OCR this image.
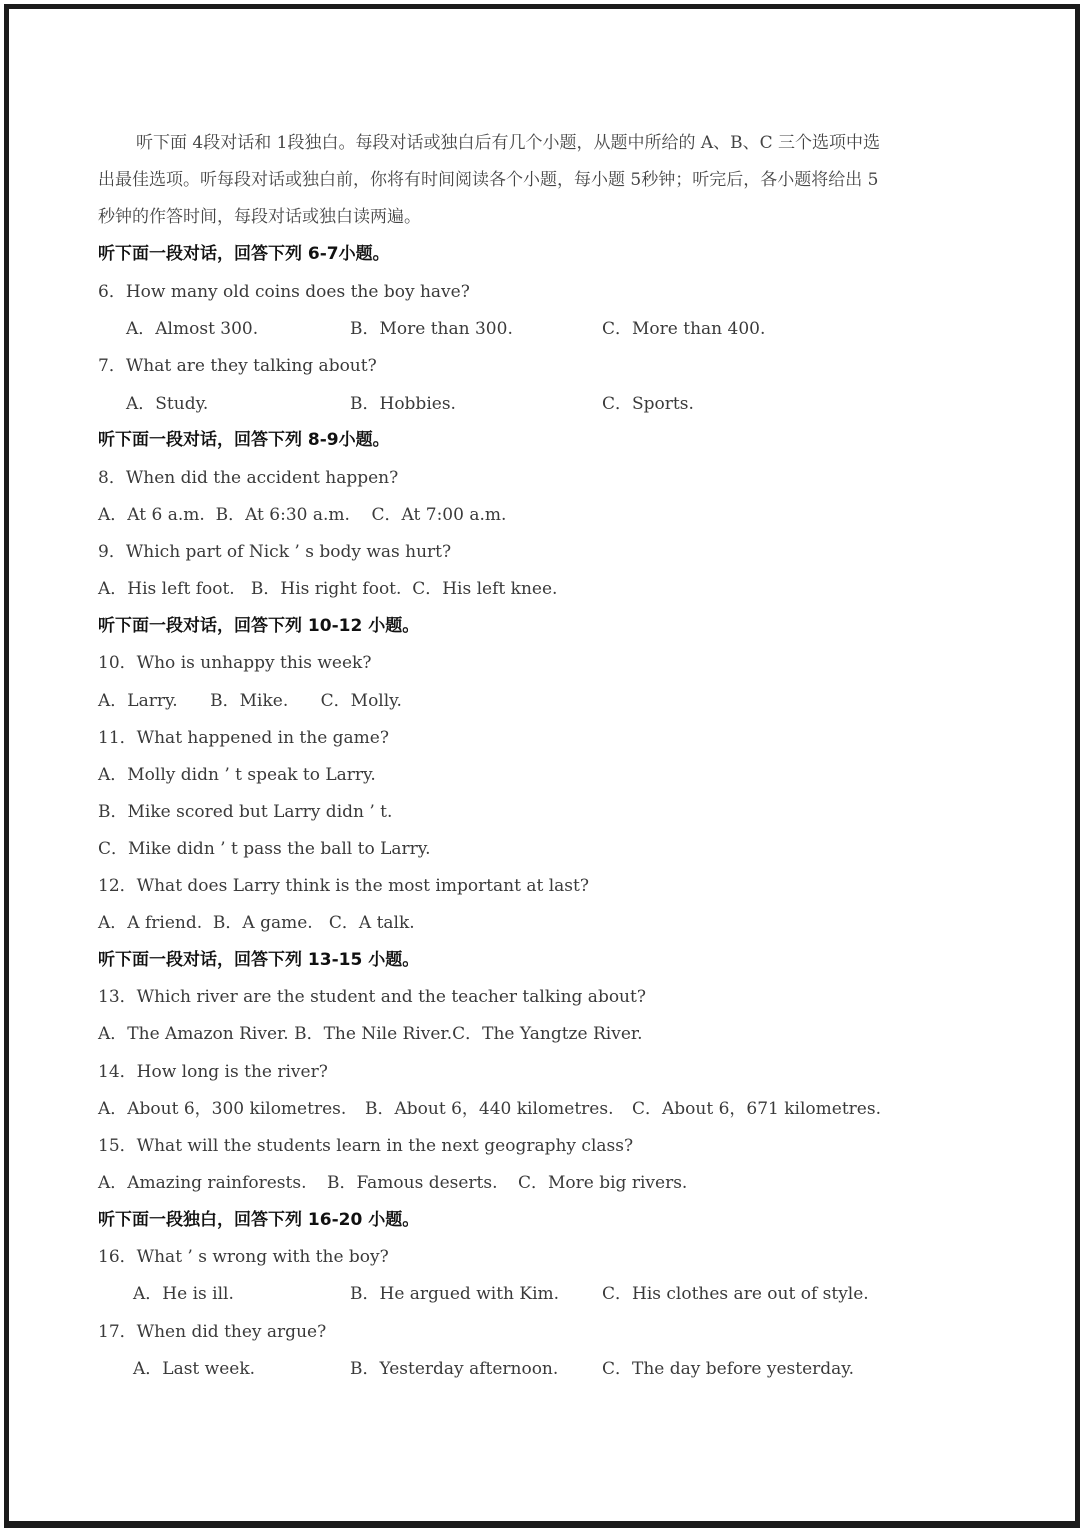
听下面 4段对话和 1段独白。每段对话或独白后有几个小题，从题中所给的 A、B、C 三个选项中选
出最佳选项。听每段对话或独白前，你将有时间阅读各个小题，每小题 5秒钟；听完后，各小题将给出 5
秒钟的作答时间，每段对话或独白读两遍。
听下面一段对话，回答下列 6-7小题。
6．How many old coins does the boy have?
A．Almost 300.	B．More than 300.	C．More than 400.
7．What are they talking about?
A．Study.	B．Hobbies.	C．Sports.
听下面一段对话，回答下列 8-9小题。
8．When did the accident happen?
A．At 6 a.m.  B．At 6:30 a.m.    C．At 7:00 a.m.
9．Which part of Nick ’ s body was hurt?
A．His left foot.   B．His right foot.  C．His left knee.
听下面一段对话，回答下列 10-12 小题。
10．Who is unhappy this week?
A．Larry.      B．Mike.      C．Molly.
11．What happened in the game?
A．Molly didn ’ t speak to Larry.
B．Mike scored but Larry didn ’ t.
C．Mike didn ’ t pass the ball to Larry.
12．What does Larry think is the most important at last?
A．A friend.  B．A game.   C．A talk.
听下面一段对话，回答下列 13-15 小题。
13．Which river are the student and the teacher talking about?
A．The Amazon River. B．The Nile River.C．The Yangtze River.
14．How long is the river?
A．About 6，300 kilometres. B．About 6，440 kilometres. C．About 6，671 kilometres.
15．What will the students learn in the next geography class?
A．Amazing rainforests. B．Famous deserts. C．More big rivers.
听下面一段独白，回答下列 16-20 小题。
16．What ’ s wrong with the boy?
A．He is ill.	B．He argued with Kim.	C．His clothes are out of style.
17．When did they argue?
A．Last week.	B．Yesterday afternoon.	C．The day before yesterday.
